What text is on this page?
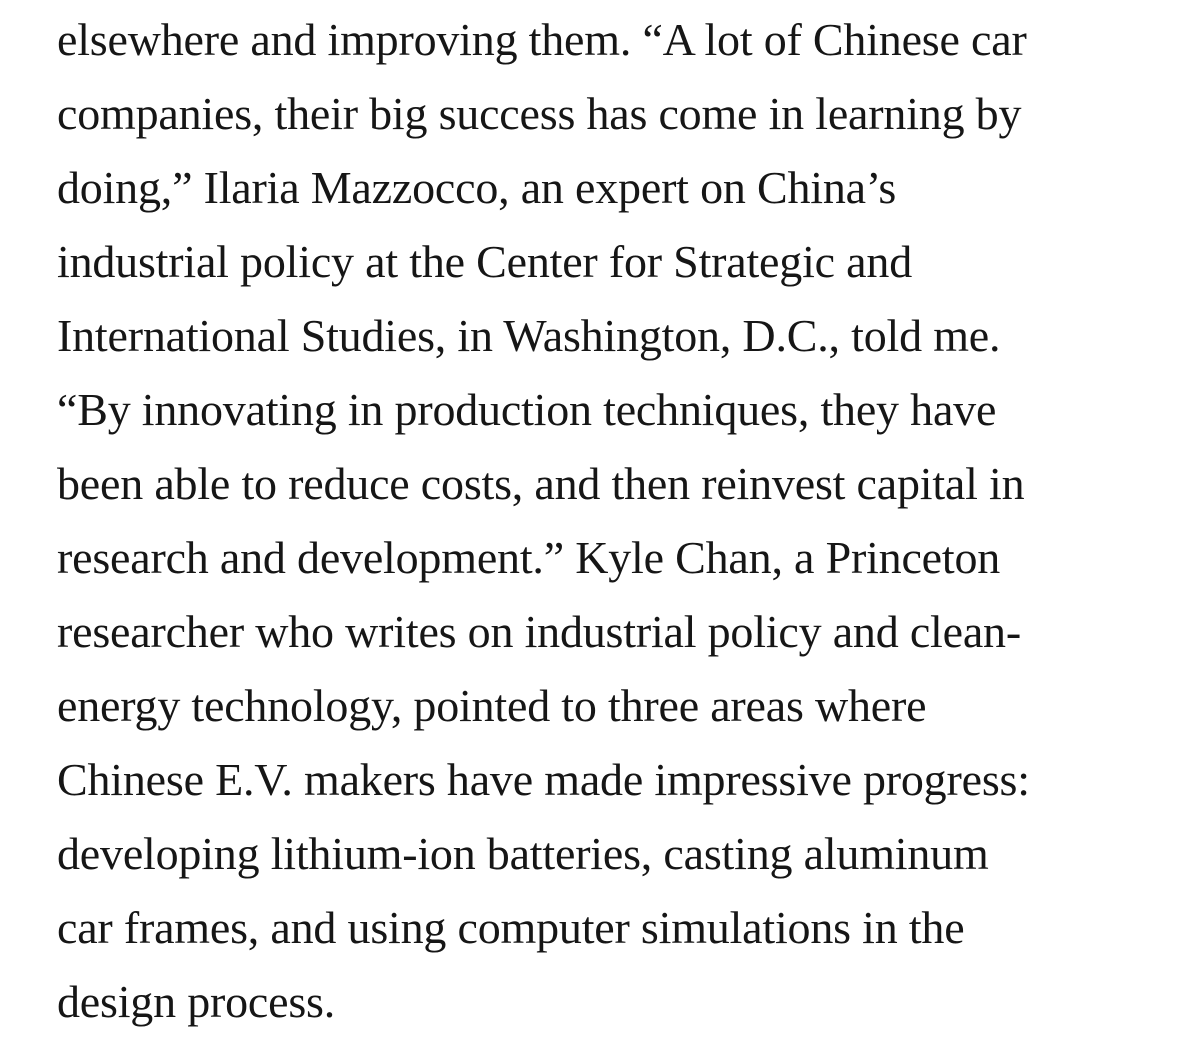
elsewhere and improving them. “A lot of Chinese car
companies, their big success has come in learning by
doing,” Ilaria Mazzocco, an expert on China’s
industrial policy at the Center for Strategic and
International Studies, in Washington, D.C., told me.
“By innovating in production techniques, they have
been able to reduce costs, and then reinvest capital in
research and development.” Kyle Chan, a Princeton
researcher who writes on industrial policy and clean-
energy technology, pointed to three areas where
Chinese E.V. makers have made impressive progress:
developing lithium-ion batteries, casting aluminum
car frames, and using computer simulations in the
design process.
